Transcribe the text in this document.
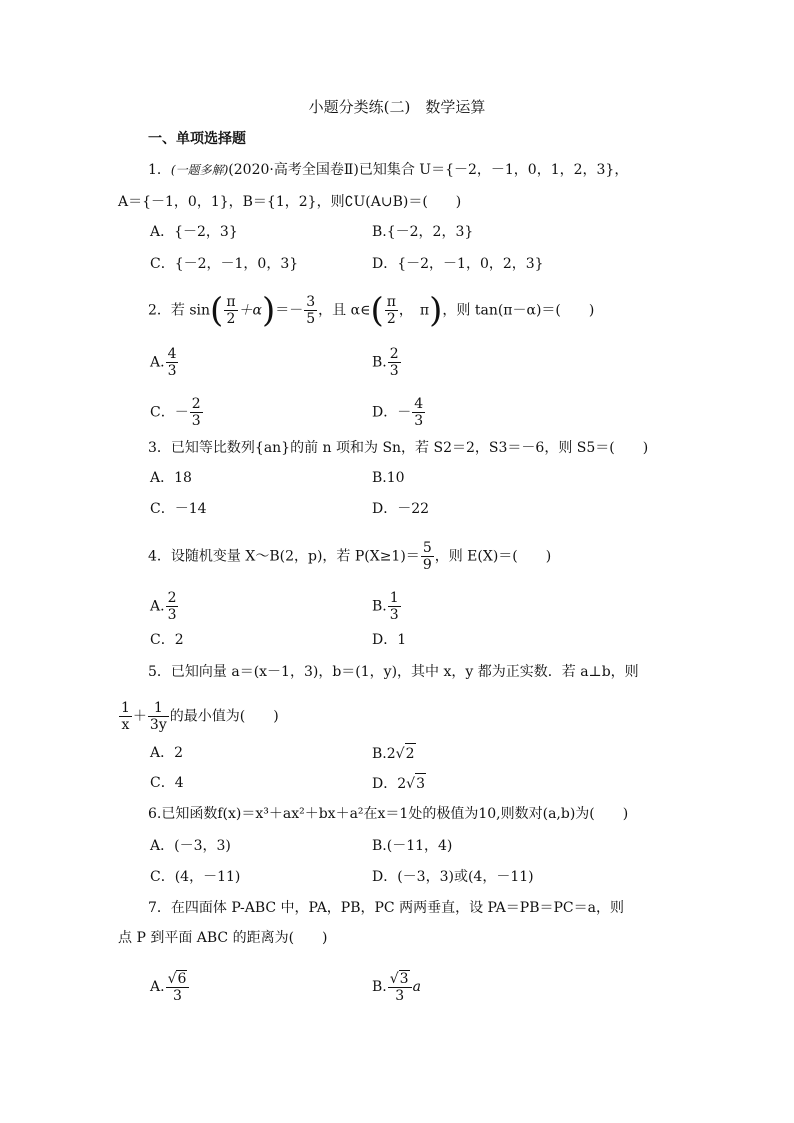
小题分类练(二)　数学运算
一、单项选择题
1．(一题多解)(2020·高考全国卷Ⅱ)已知集合 U＝{－2，－1，0，1，2，3}，
A＝{－1，0，1}，B＝{1，2}，则∁U(A∪B)＝(　　)
A．{－2，3}	B.{－2，2，3}
C．{－2，－1，0，3}	D．{－2，－1，0，2，3}
2．若 $\sin( \frac{\pi}{2} +\alpha)=- \frac{3}{5}$ ，且 α∈( $\frac{\pi}{2}$ ，　π)，则 tan(π－α)＝(　　)
A. $\frac{4}{3}$	B. $\frac{2}{3}$
C．－ $\frac{2}{3}$	D．－ $\frac{4}{3}$
3．已知等比数列{an}的前 n 项和为 Sn，若 S2＝2，S3＝－6，则 S5＝(　　)
A．18	B.10
C．－14	D．－22
4．设随机变量 X～B(2，p)，若 $P(X\ge 1)= \frac{5}{9}$ ，则 E(X)＝(　　)
A. $\frac{2}{3}$	B. $\frac{1}{3}$
C．2	D．1
5．已知向量 a＝(x－1，3)，b＝(1，y)，其中 x，y 都为正实数．若 a⊥b，则
$\frac{1}{x} + \frac{1}{3y}$ 的最小值为(　　)
A．2	B.2√2
C．4	D．2√3
6.已知函数f(x)＝x³＋ax²＋bx＋a²在x＝1处的极值为10,则数对(a,b)为(　　)
A．(－3，3)	B.(－11，4)
C．(4，－11)	D．(－3，3)或(4，－11)
7．在四面体 P-ABC 中，PA，PB，PC 两两垂直，设 PA＝PB＝PC＝a，则
点 P 到平面 ABC 的距离为(　　)
A. $\frac{√6}{3}$	B. $\frac{√3}{3}$ a
